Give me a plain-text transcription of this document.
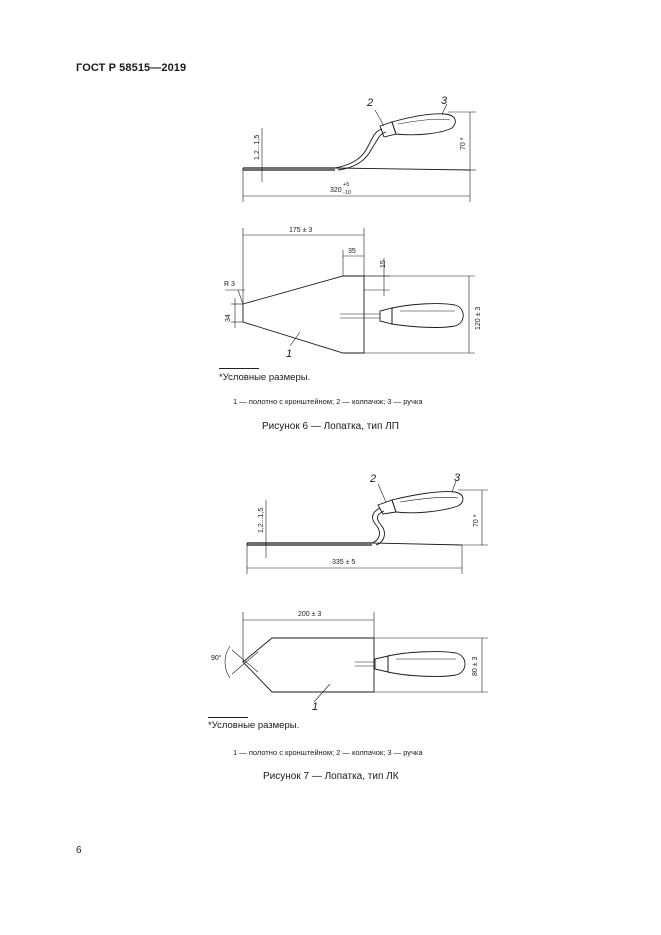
ГОСТ Р 58515—2019
1,2...1,5	70 *
320
+5
-10
2	3
175 ± 3
35
15
120 ± 3
R 3
34
1
*Условные размеры.
1 — полотно с кронштейном; 2 — колпачок; 3 — ручка
Рисунок 6 — Лопатка, тип ЛП
1,2...1,5	70 *
335 ± 5
2	3
200 ± 3
90°	80 ± 3
1
*Условные размеры.
1 — полотно с кронштейном; 2 — колпачок; 3 — ручка
Рисунок 7 — Лопатка, тип ЛК
6
